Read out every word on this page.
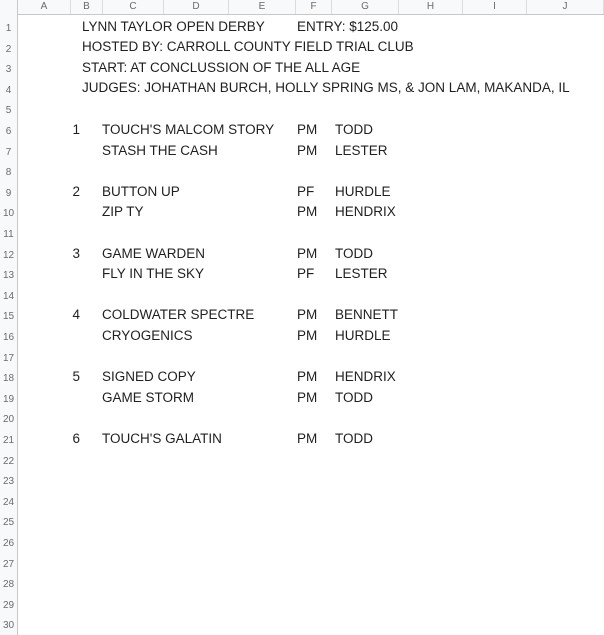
A	B	C	D	E	F	G	H	I	J
1
2
3
4
5
6
7
8
9
10
11
12
13
14
15
16
17
18
19
20
21
22
23
24
25
26
27
28
29
30
LYNN TAYLOR OPEN DERBY ENTRY: $125.00
HOSTED BY: CARROLL COUNTY FIELD TRIAL CLUB
START: AT CONCLUSSION OF THE ALL AGE
JUDGES: JOHATHAN BURCH, HOLLY SPRING MS, & JON LAM, MAKANDA, IL
1 TOUCH'S MALCOM STORY PM TODD
STASH THE CASH	PM LESTER
2 BUTTON UP	PF HURDLE
ZIP TY	PM HENDRIX
3 GAME WARDEN	PM TODD
FLY IN THE SKY	PF LESTER
4 COLDWATER SPECTRE	PM BENNETT
CRYOGENICS	PM HURDLE
5 SIGNED COPY	PM HENDRIX
GAME STORM	PM TODD
6 TOUCH'S GALATIN	PM TODD
